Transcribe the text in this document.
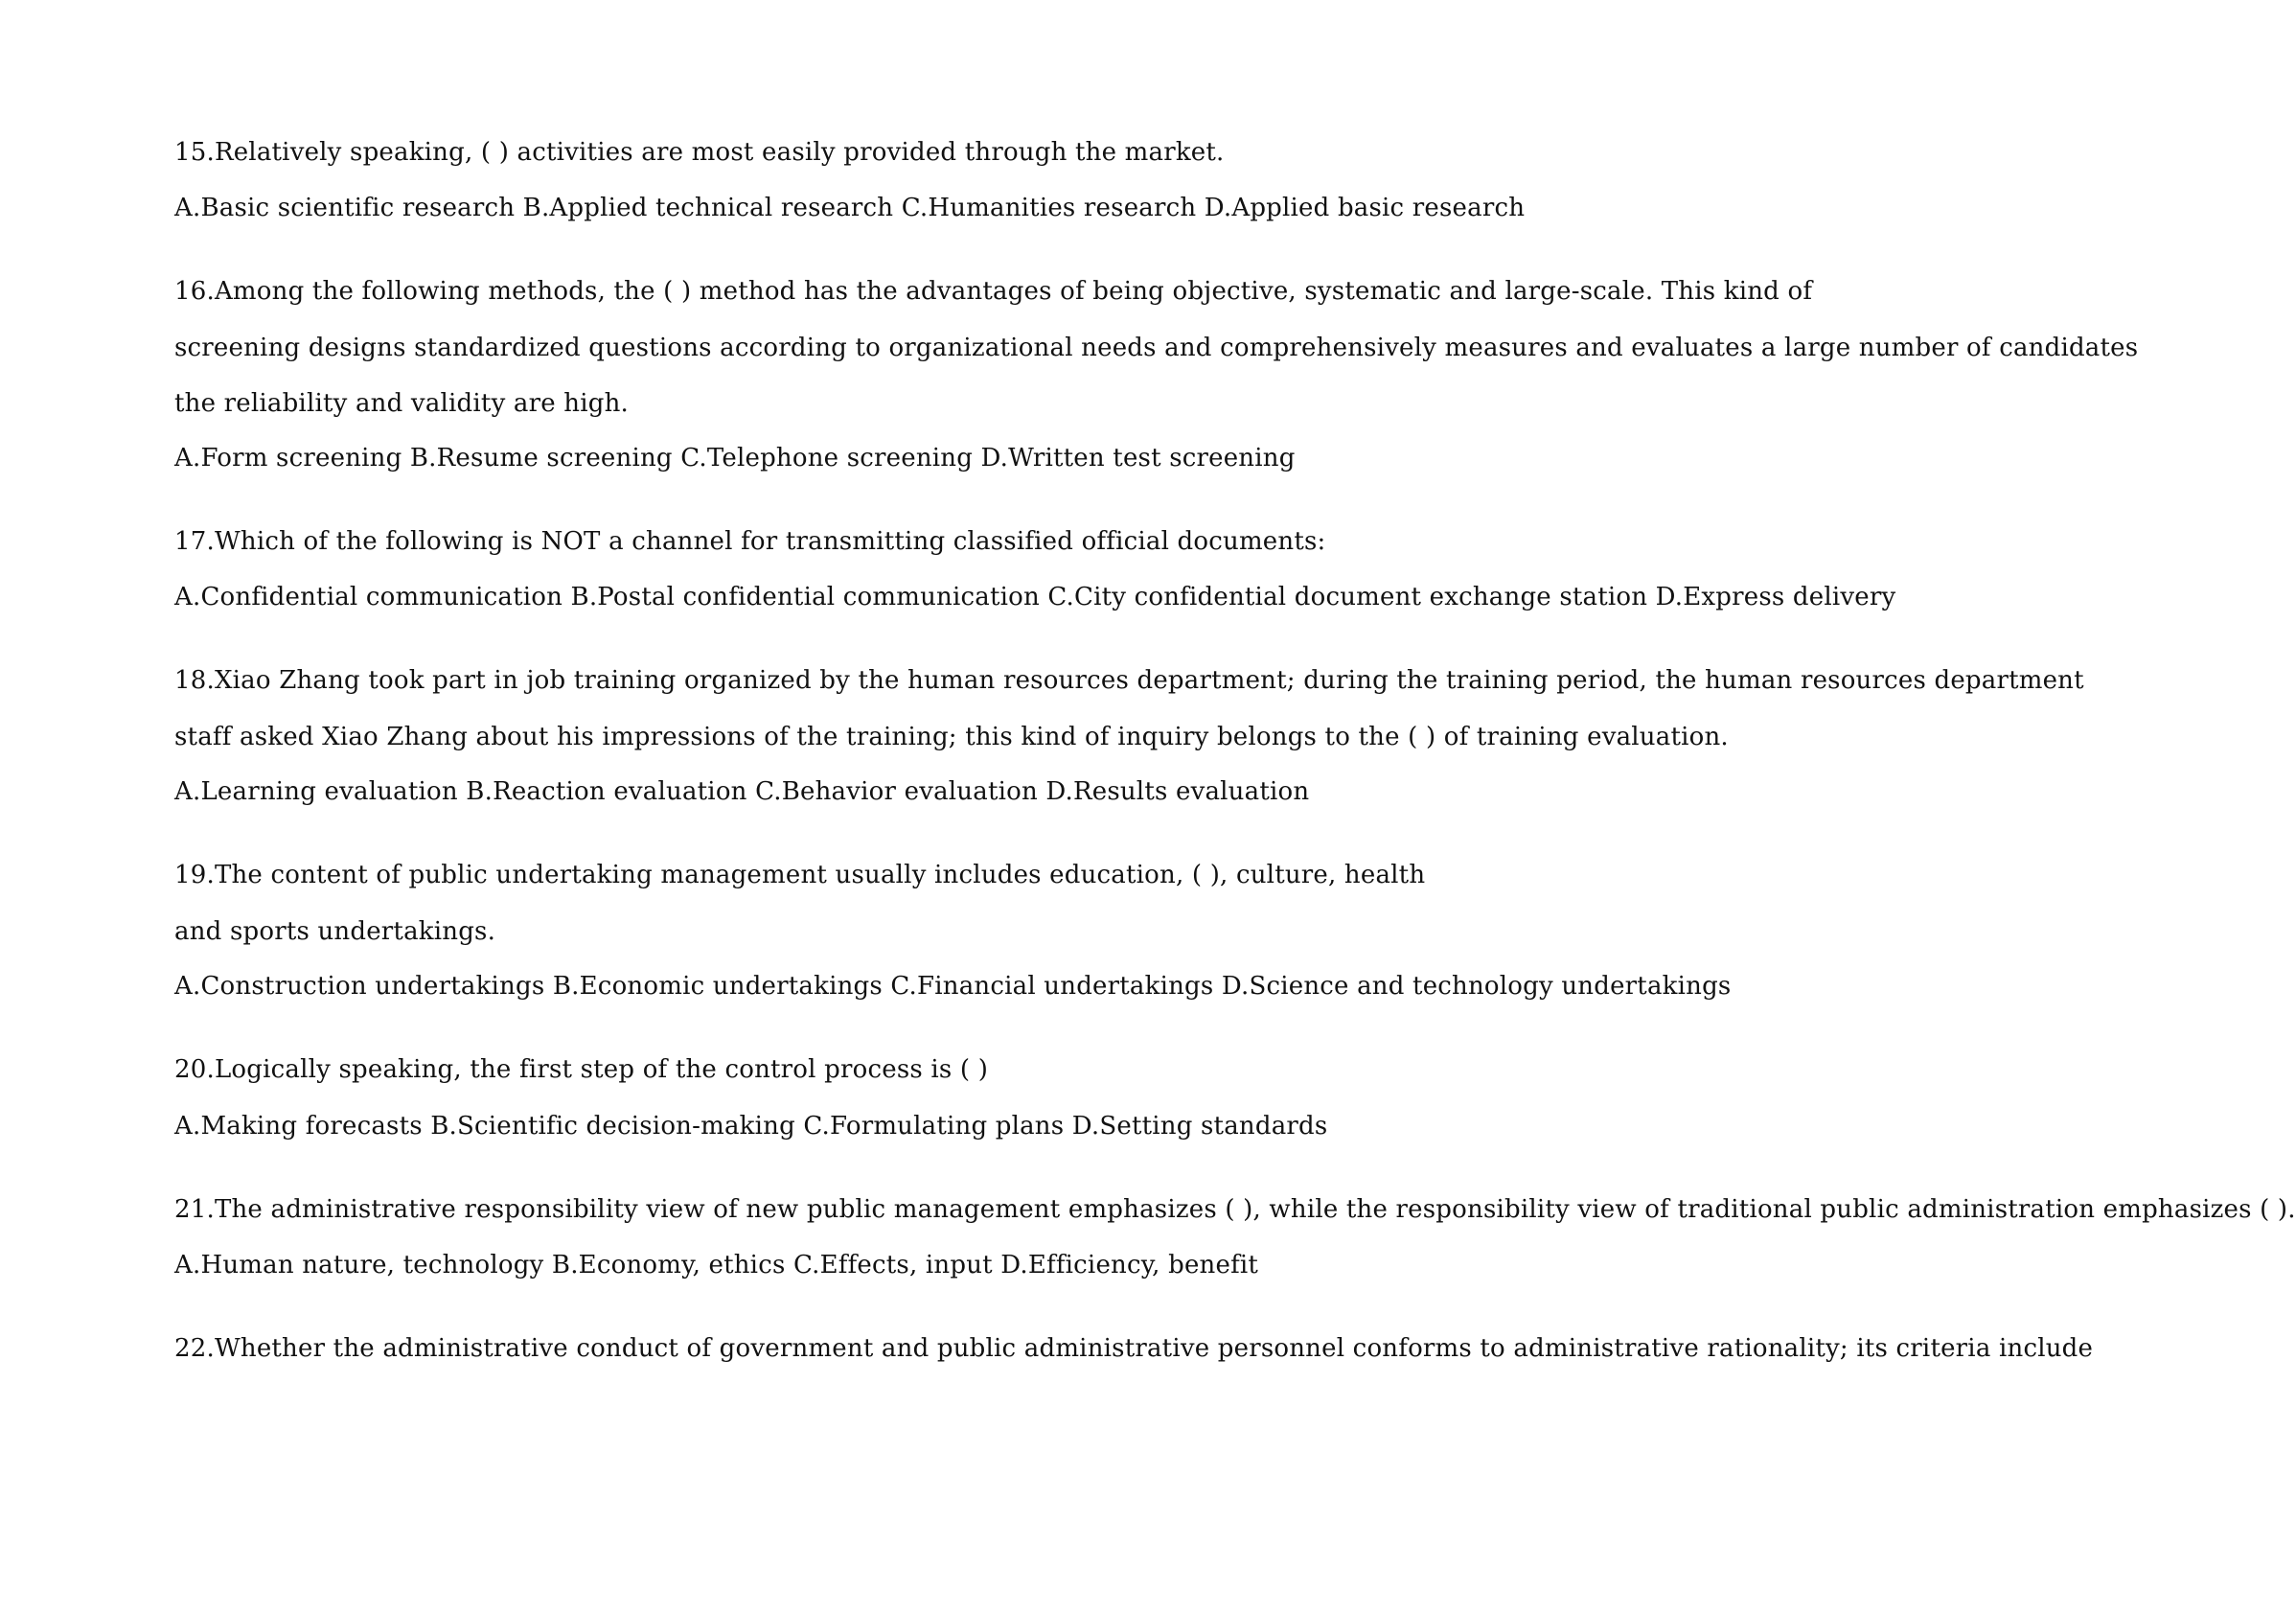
15.Relatively speaking, ( ) activities are most easily provided through the market.
A.Basic scientific research B.Applied technical research C.Humanities research D.Applied basic research
16.Among the following methods, the ( ) method has the advantages of being objective, systematic and large-scale. This kind of
screening designs standardized questions according to organizational needs and comprehensively measures and evaluates a large number of candidates
the reliability and validity are high.
A.Form screening B.Resume screening C.Telephone screening D.Written test screening
17.Which of the following is NOT a channel for transmitting classified official documents:
A.Confidential communication B.Postal confidential communication C.City confidential document exchange station D.Express delivery
18.Xiao Zhang took part in job training organized by the human resources department; during the training period, the human resources department
staff asked Xiao Zhang about his impressions of the training; this kind of inquiry belongs to the ( ) of training evaluation.
A.Learning evaluation B.Reaction evaluation C.Behavior evaluation D.Results evaluation
19.The content of public undertaking management usually includes education, ( ), culture, health
and sports undertakings.
A.Construction undertakings B.Economic undertakings C.Financial undertakings D.Science and technology undertakings
20.Logically speaking, the first step of the control process is ( )
A.Making forecasts B.Scientific decision-making C.Formulating plans D.Setting standards
21.The administrative responsibility view of new public management emphasizes ( ), while the responsibility view of traditional public administration emphasizes ( ).
A.Human nature, technology B.Economy, ethics C.Effects, input D.Efficiency, benefit
22.Whether the administrative conduct of government and public administrative personnel conforms to administrative rationality; its criteria include
